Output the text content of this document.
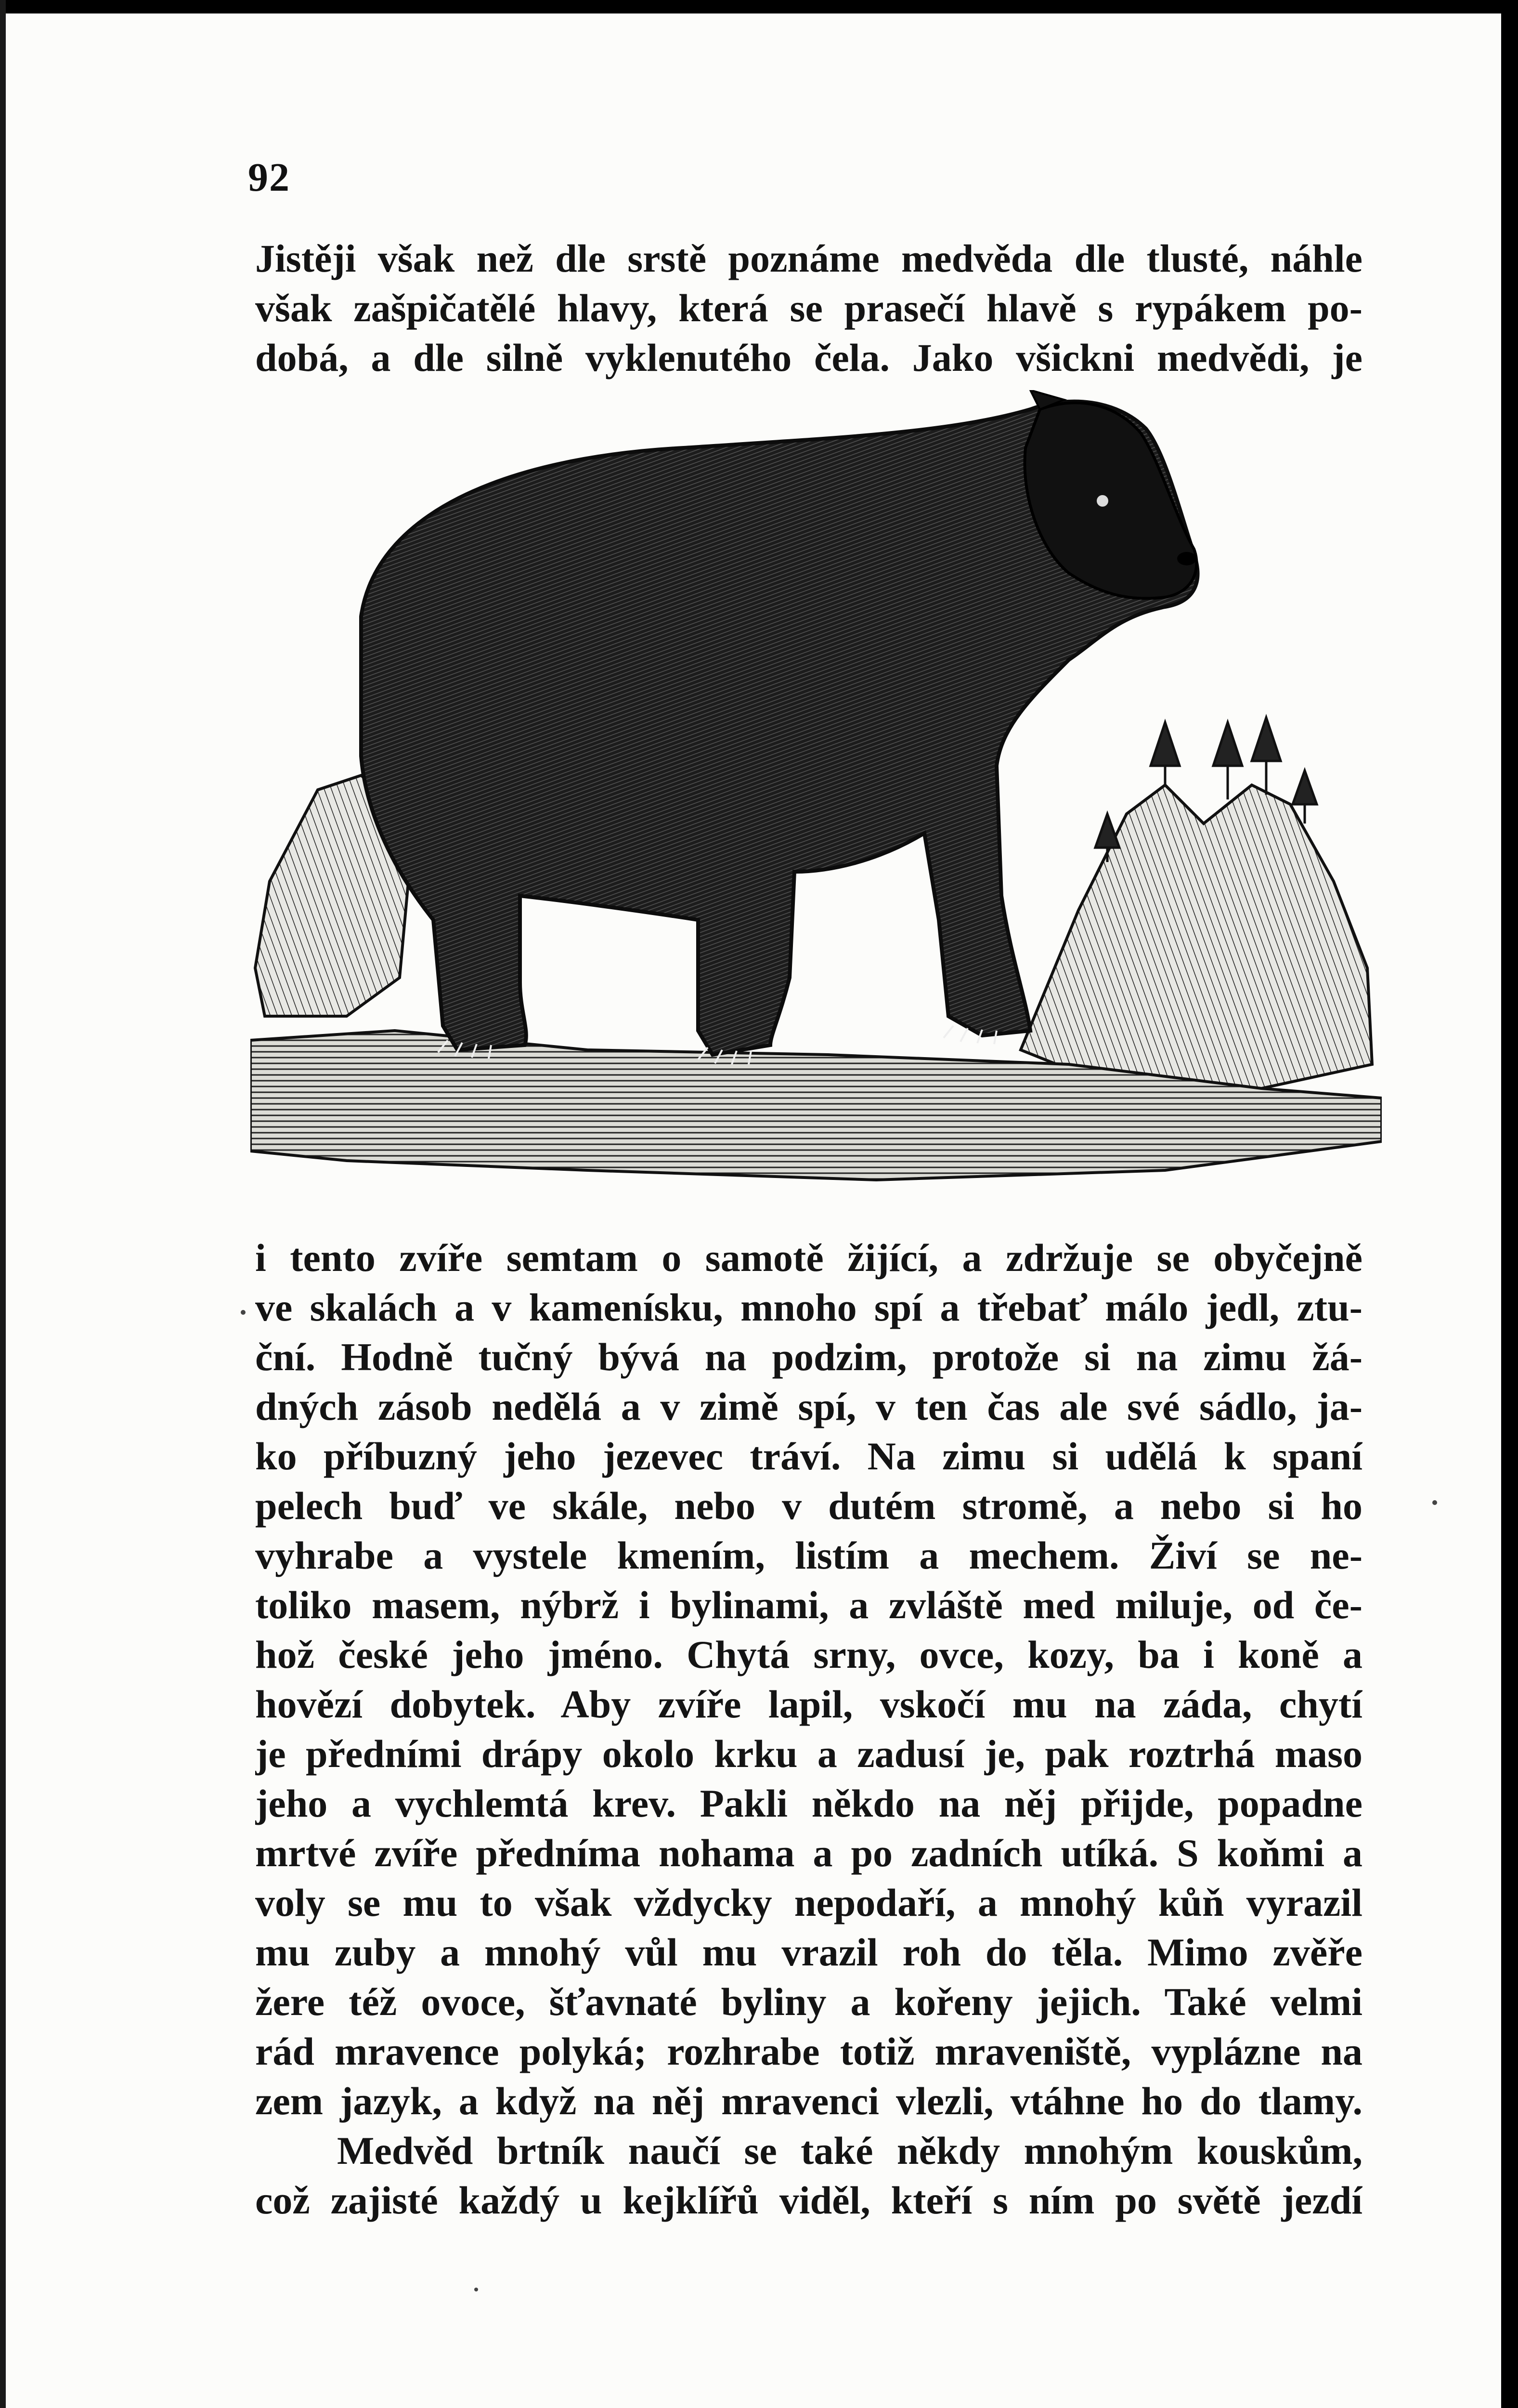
92
Jistěji však než dle srstě poznáme medvěda dle tlusté, náhle
však zašpičatělé hlavy, která se prasečí hlavě s rypákem po-
dobá, a dle silně vyklenutého čela. Jako všickni medvědi, je
i tento zvíře semtam o samotě žijící, a zdržuje se obyčejně
ve skalách a v kamenísku, mnoho spí a třebať málo jedl, ztu-
ční. Hodně tučný bývá na podzim, protože si na zimu žá-
dných zásob nedělá a v zimě spí, v ten čas ale své sádlo, ja-
ko příbuzný jeho jezevec tráví. Na zimu si udělá k spaní
pelech buď ve skále, nebo v dutém stromě, a nebo si ho
vyhrabe a vystele kmením, listím a mechem. Živí se ne-
toliko masem, nýbrž i bylinami, a zvláště med miluje, od če-
hož české jeho jméno. Chytá srny, ovce, kozy, ba i koně a
hovězí dobytek. Aby zvíře lapil, vskočí mu na záda, chytí
je předními drápy okolo krku a zadusí je, pak roztrhá maso
jeho a vychlemtá krev. Pakli někdo na něj přijde, popadne
mrtvé zvíře předníma nohama a po zadních utíká. S koňmi a
voly se mu to však vždycky nepodaří, a mnohý kůň vyrazil
mu zuby a mnohý vůl mu vrazil roh do těla. Mimo zvěře
žere též ovoce, šťavnaté byliny a kořeny jejich. Také velmi
rád mravence polyká; rozhrabe totiž mraveniště, vyplázne na
zem jazyk, a když na něj mravenci vlezli, vtáhne ho do tlamy.
Medvěd brtník naučí se také někdy mnohým kouskům,
což zajisté každý u kejklířů viděl, kteří s ním po světě jezdí
